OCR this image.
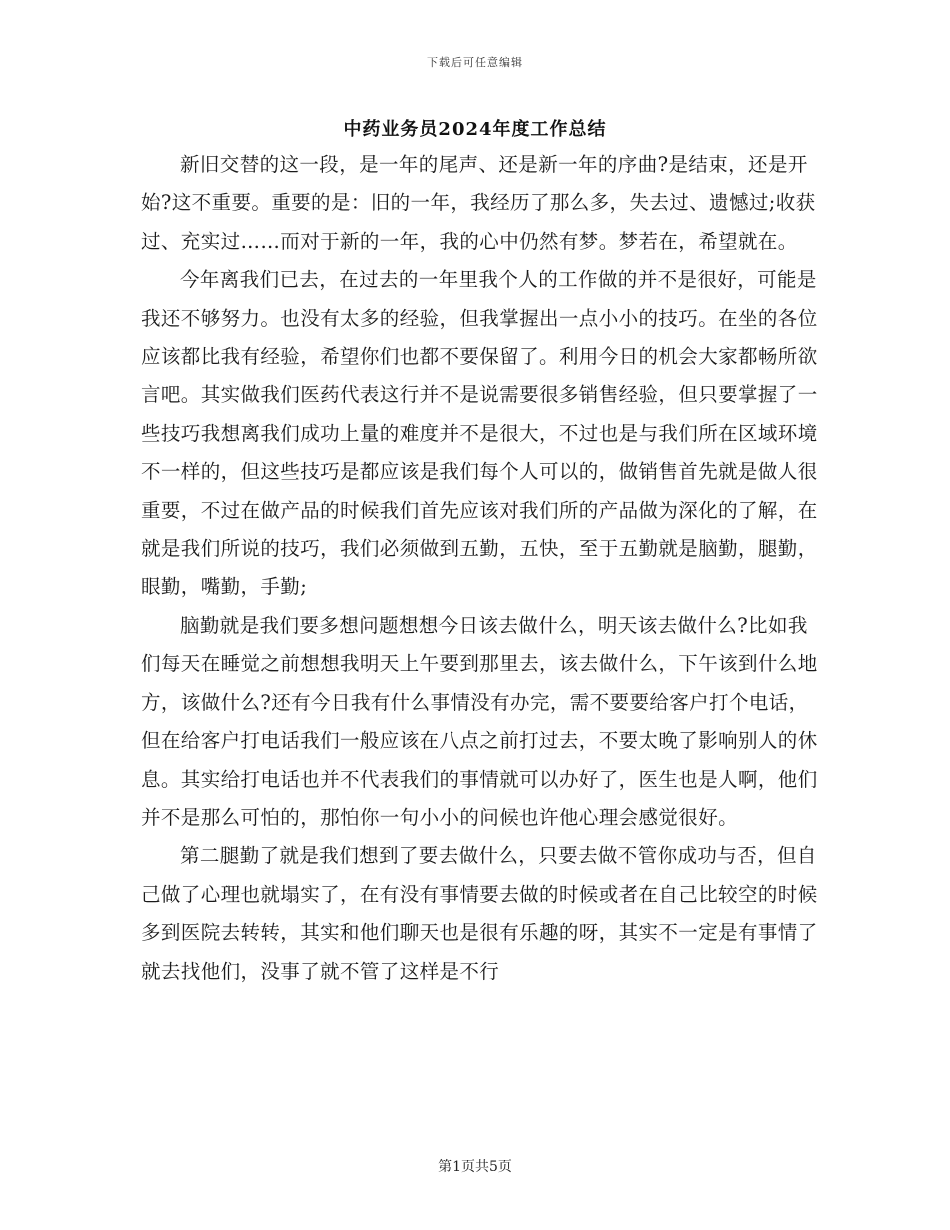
下载后可任意编辑
中药业务员2024年度工作总结

新旧交替的这一段，是一年的尾声、还是新一年的序曲?是结束，还是开始?这不重要。重要的是：旧的一年，我经历了那么多，失去过、遗憾过;收获过、充实过……而对于新的一年，我的心中仍然有梦。梦若在，希望就在。

今年离我们已去，在过去的一年里我个人的工作做的并不是很好，可能是我还不够努力。也没有太多的经验，但我掌握出一点小小的技巧。在坐的各位应该都比我有经验，希望你们也都不要保留了。利用今日的机会大家都畅所欲言吧。其实做我们医药代表这行并不是说需要很多销售经验，但只要掌握了一些技巧我想离我们成功上量的难度并不是很大，不过也是与我们所在区域环境不一样的，但这些技巧是都应该是我们每个人可以的，做销售首先就是做人很重要，不过在做产品的时候我们首先应该对我们所的产品做为深化的了解，在就是我们所说的技巧，我们必须做到五勤，五快，至于五勤就是脑勤，腿勤，眼勤，嘴勤，手勤;

脑勤就是我们要多想问题想想今日该去做什么，明天该去做什么?比如我们每天在睡觉之前想想我明天上午要到那里去，该去做什么，下午该到什么地方，该做什么?还有今日我有什么事情没有办完，需不要要给客户打个电话，但在给客户打电话我们一般应该在八点之前打过去，不要太晚了影响别人的休息。其实给打电话也并不代表我们的事情就可以办好了，医生也是人啊，他们并不是那么可怕的，那怕你一句小小的问候也许他心理会感觉很好。

第二腿勤了就是我们想到了要去做什么，只要去做不管你成功与否，但自己做了心理也就塌实了，在有没有事情要去做的时候或者在自己比较空的时候多到医院去转转，其实和他们聊天也是很有乐趣的呀，其实不一定是有事情了就去找他们，没事了就不管了这样是不行

第1页共5页
